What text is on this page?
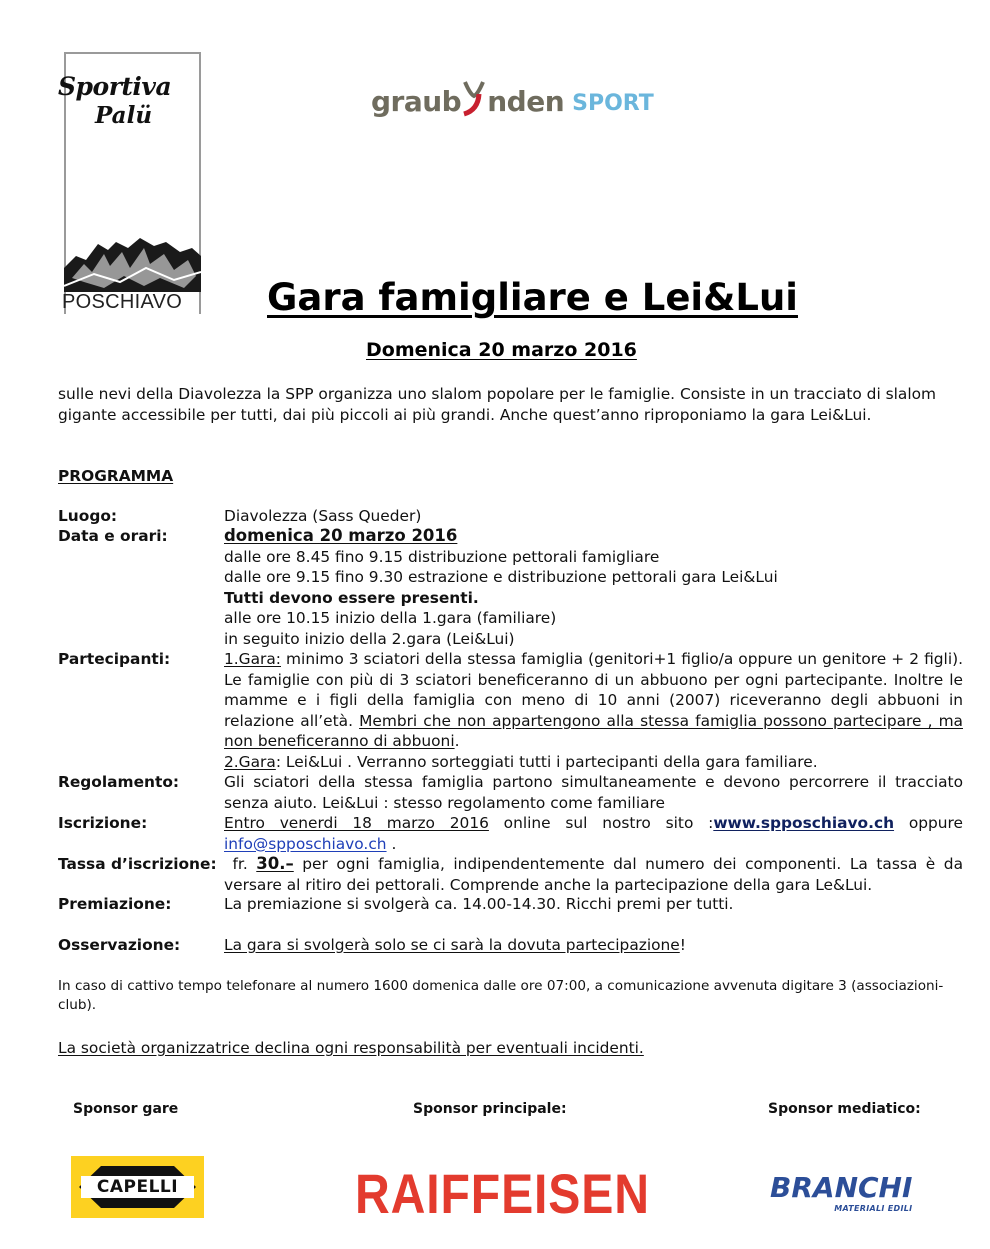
Sportiva
Palü
POSCHIAVO
graub nden SPORT
Gara famigliare e Lei&Lui
Domenica 20 marzo 2016
sulle nevi della Diavolezza la SPP organizza uno slalom popolare per le famiglie. Consiste in un tracciato di slalom gigante accessibile per tutti, dai più piccoli ai più grandi. Anche quest’anno riproponiamo la gara Lei&Lui.
PROGRAMMA
Luogo:	Diavolezza (Sass Queder)
Data e orari:	domenica 20 marzo 2016
dalle ore 8.45 fino 9.15 distribuzione pettorali famigliare
dalle ore 9.15 fino 9.30 estrazione e distribuzione pettorali gara Lei&Lui
Tutti devono essere presenti.
alle ore 10.15 inizio della 1.gara (familiare)
in seguito inizio della 2.gara (Lei&Lui)
Partecipanti:	1.Gara: minimo 3 sciatori della stessa famiglia (genitori+1 figlio/a oppure un genitore + 2 figli). Le famiglie con più di 3 sciatori beneficeranno di un abbuono per ogni partecipante. Inoltre le mamme e i figli della famiglia con meno di 10 anni (2007) riceveranno degli abbuoni in relazione all’età. Membri che non appartengono alla stessa famiglia possono partecipare , ma non beneficeranno di abbuoni.
2.Gara: Lei&Lui . Verranno sorteggiati tutti i partecipanti della gara familiare.
Regolamento:	Gli sciatori della stessa famiglia partono simultaneamente e devono percorrere il tracciato senza aiuto. Lei&Lui : stesso regolamento come familiare
Iscrizione:	Entro venerdi 18 marzo 2016 online sul nostro sito :www.spposchiavo.ch oppure info@spposchiavo.ch .
Tassa d’iscrizione: fr. 30.– per ogni famiglia, indipendentemente dal numero dei componenti. La tassa è da versare al ritiro dei pettorali. Comprende anche la partecipazione della gara Le&Lui.
Premiazione:	La premiazione si svolgerà ca. 14.00-14.30. Ricchi premi per tutti.
Osservazione:	La gara si svolgerà solo se ci sarà la dovuta partecipazione!
In caso di cattivo tempo telefonare al numero 1600 domenica dalle ore 07:00, a comunicazione avvenuta digitare 3 (associazioni-club).
La società organizzatrice declina ogni responsabilità per eventuali incidenti.
Sponsor gare	Sponsor principale:	Sponsor mediatico:
CAPELLI	RAIFFEISEN	BRANCHI
MATERIALI EDILI
